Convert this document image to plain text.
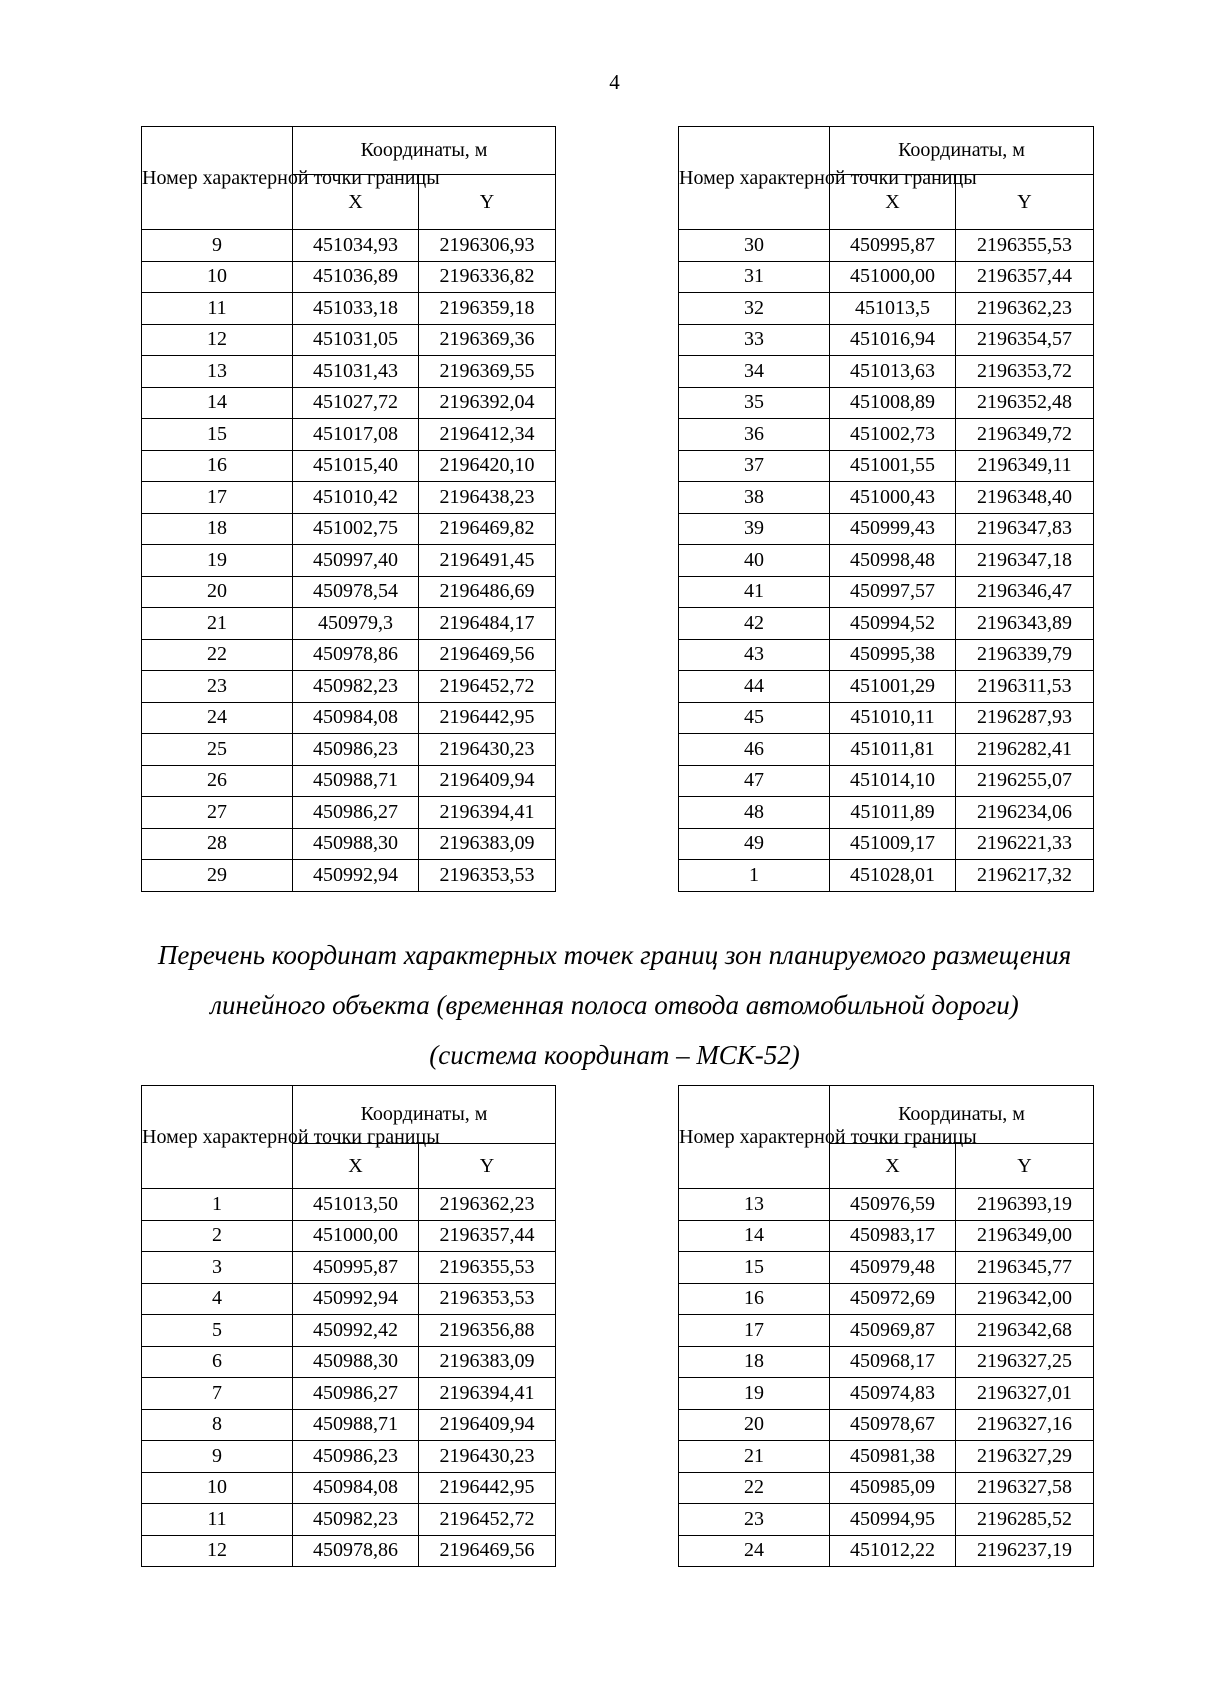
4
Номер характерной точки границы	Координаты, м	
	X	Y
9	451034,93	2196306,93
10	451036,89	2196336,82
11	451033,18	2196359,18
12	451031,05	2196369,36
13	451031,43	2196369,55
14	451027,72	2196392,04
15	451017,08	2196412,34
16	451015,40	2196420,10
17	451010,42	2196438,23
18	451002,75	2196469,82
19	450997,40	2196491,45
20	450978,54	2196486,69
21	450979,3	2196484,17
22	450978,86	2196469,56
23	450982,23	2196452,72
24	450984,08	2196442,95
25	450986,23	2196430,23
26	450988,71	2196409,94
27	450986,27	2196394,41
28	450988,30	2196383,09
29	450992,94	2196353,53
Номер характерной точки границы	Координаты, м	
	X	Y
30	450995,87	2196355,53
31	451000,00	2196357,44
32	451013,5	2196362,23
33	451016,94	2196354,57
34	451013,63	2196353,72
35	451008,89	2196352,48
36	451002,73	2196349,72
37	451001,55	2196349,11
38	451000,43	2196348,40
39	450999,43	2196347,83
40	450998,48	2196347,18
41	450997,57	2196346,47
42	450994,52	2196343,89
43	450995,38	2196339,79
44	451001,29	2196311,53
45	451010,11	2196287,93
46	451011,81	2196282,41
47	451014,10	2196255,07
48	451011,89	2196234,06
49	451009,17	2196221,33
1	451028,01	2196217,32
Перечень координат характерных точек границ зон планируемого размещения
линейного объекта (временная полоса отвода автомобильной дороги)
(система координат – МСК-52)
Номер характерной точки границы	Координаты, м	
	X	Y
1	451013,50	2196362,23
2	451000,00	2196357,44
3	450995,87	2196355,53
4	450992,94	2196353,53
5	450992,42	2196356,88
6	450988,30	2196383,09
7	450986,27	2196394,41
8	450988,71	2196409,94
9	450986,23	2196430,23
10	450984,08	2196442,95
11	450982,23	2196452,72
12	450978,86	2196469,56
Номер характерной точки границы	Координаты, м	
	X	Y
13	450976,59	2196393,19
14	450983,17	2196349,00
15	450979,48	2196345,77
16	450972,69	2196342,00
17	450969,87	2196342,68
18	450968,17	2196327,25
19	450974,83	2196327,01
20	450978,67	2196327,16
21	450981,38	2196327,29
22	450985,09	2196327,58
23	450994,95	2196285,52
24	451012,22	2196237,19
